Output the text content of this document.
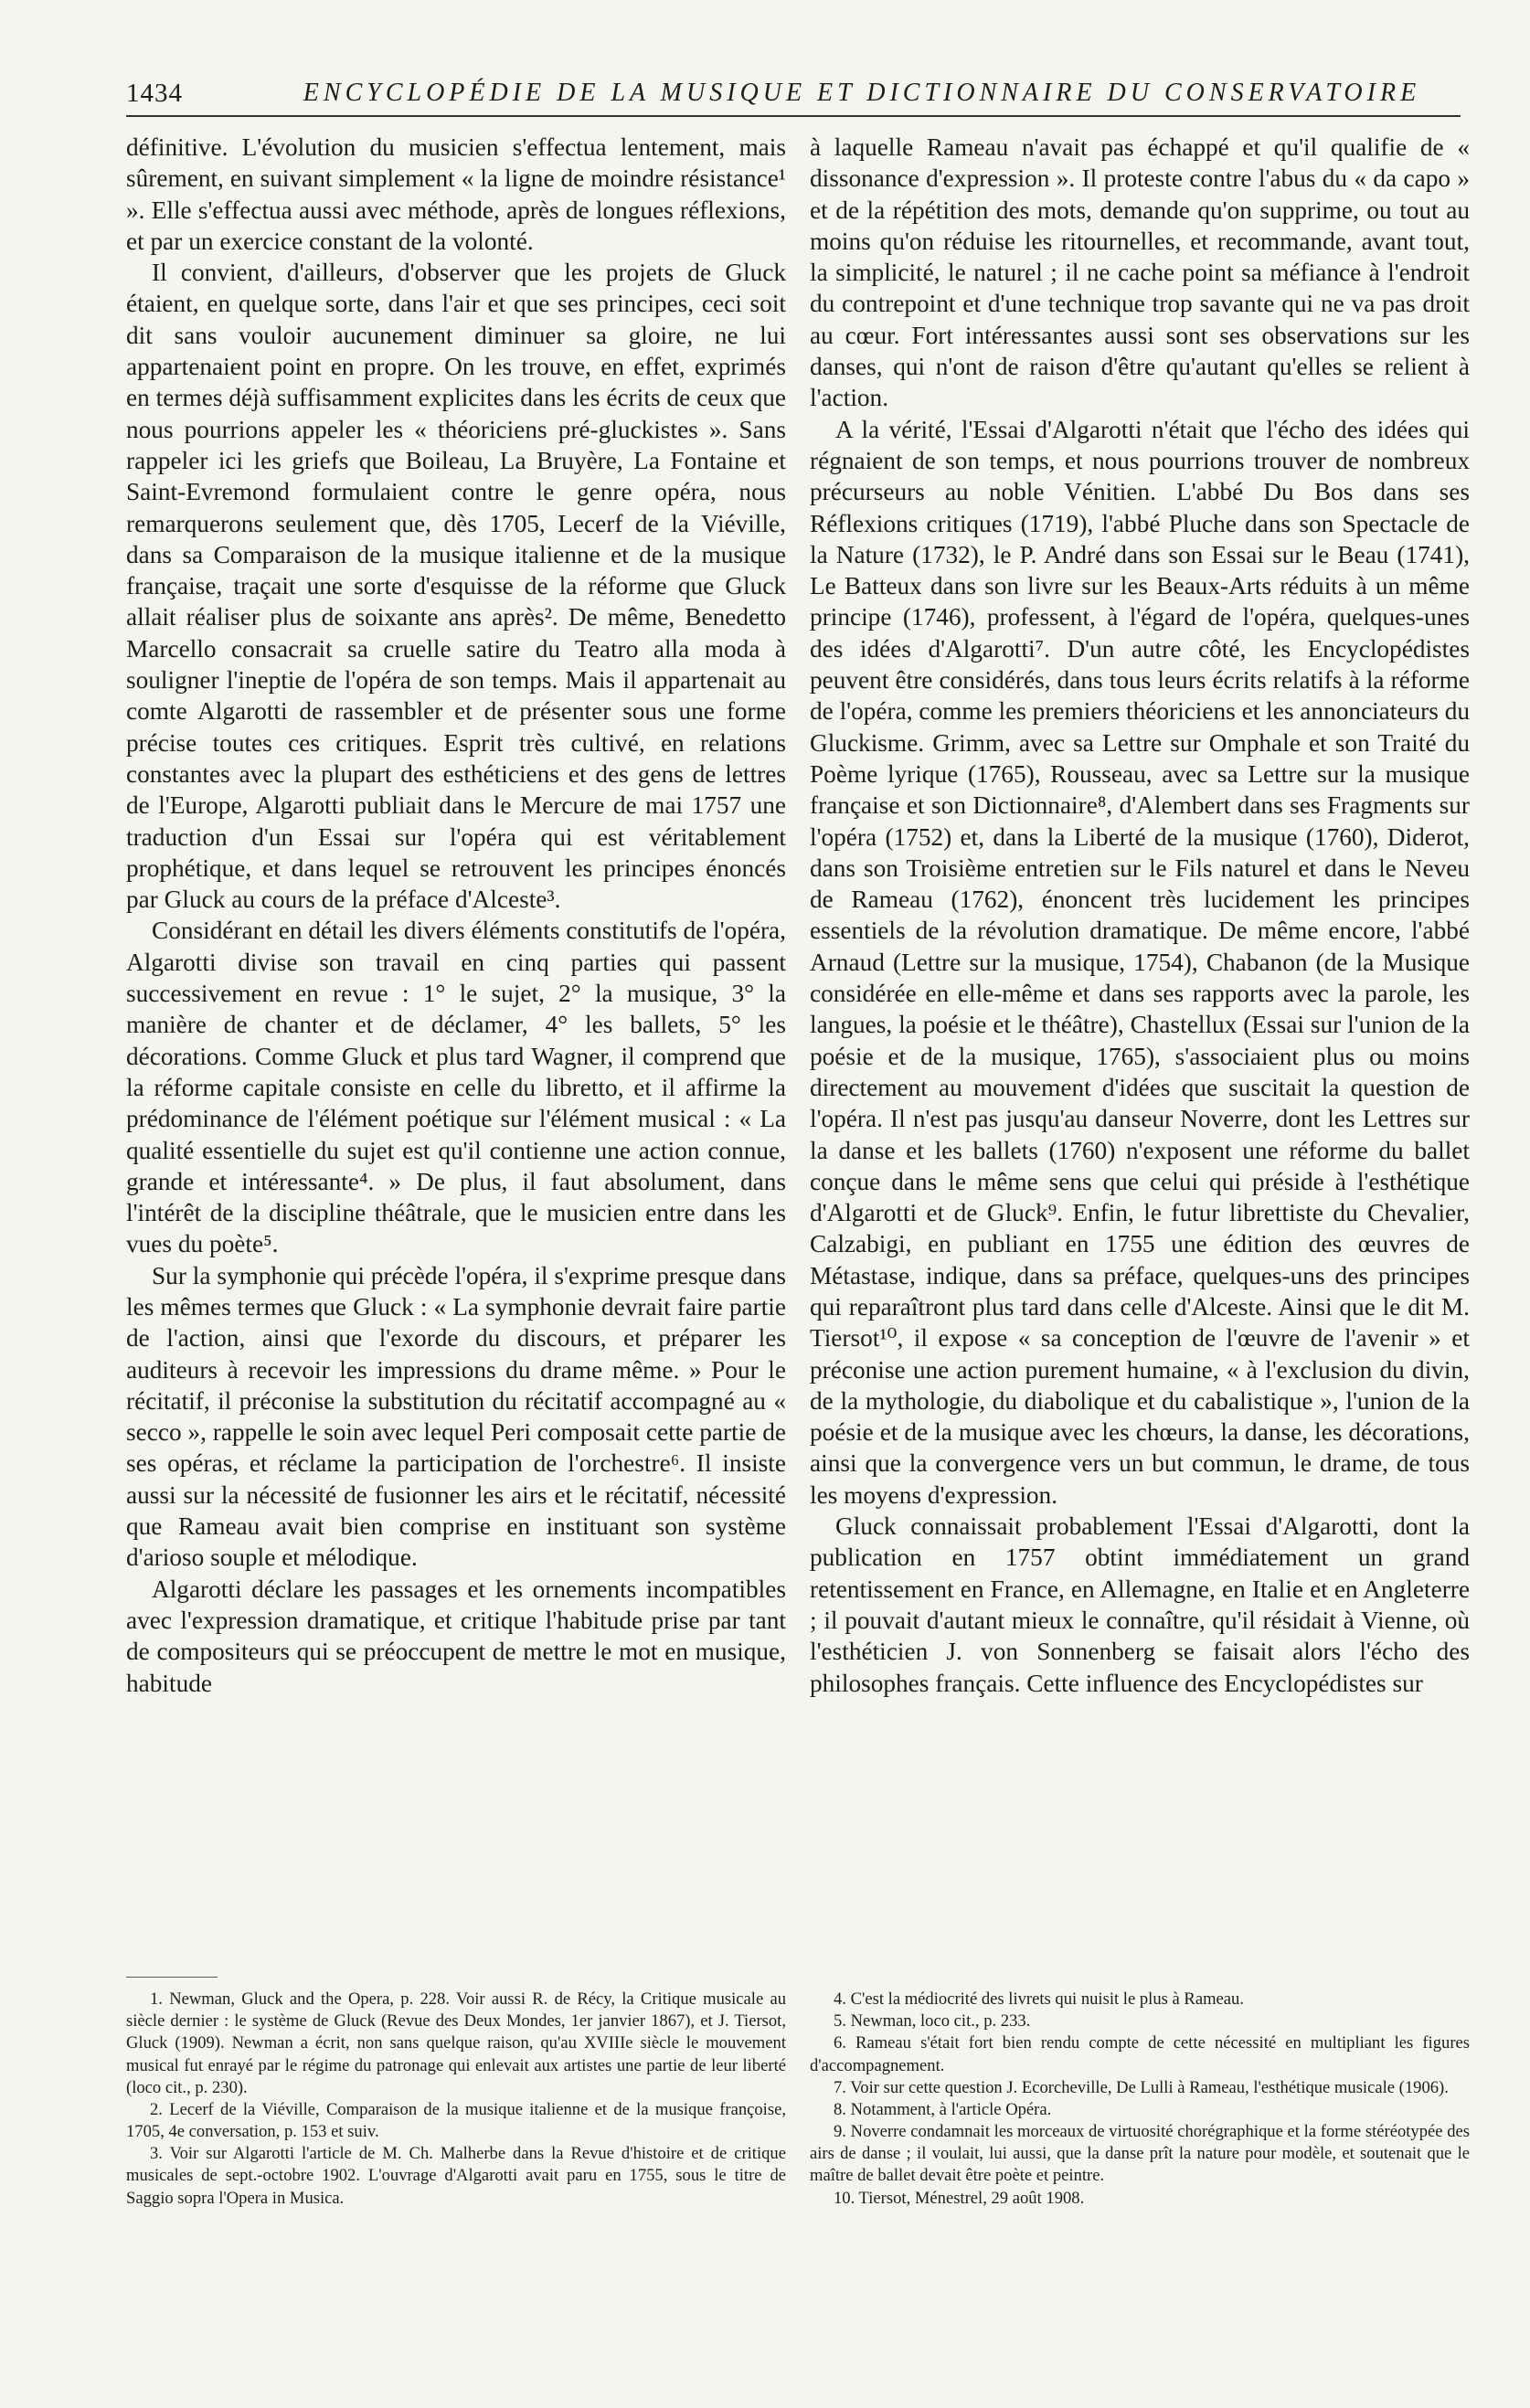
1434	ENCYCLOPÉDIE DE LA MUSIQUE ET DICTIONNAIRE DU CONSERVATOIRE

définitive. L'évolution du musicien s'effectua lentement, mais sûrement, en suivant simplement « la ligne de moindre résistance¹ ». Elle s'effectua aussi avec méthode, après de longues réflexions, et par un exercice constant de la volonté.

Il convient, d'ailleurs, d'observer que les projets de Gluck étaient, en quelque sorte, dans l'air et que ses principes, ceci soit dit sans vouloir aucunement diminuer sa gloire, ne lui appartenaient point en propre. On les trouve, en effet, exprimés en termes déjà suffisamment explicites dans les écrits de ceux que nous pourrions appeler les « théoriciens pré-gluckistes ». Sans rappeler ici les griefs que Boileau, La Bruyère, La Fontaine et Saint-Evremond formulaient contre le genre opéra, nous remarquerons seulement que, dès 1705, Lecerf de la Viéville, dans sa Comparaison de la musique italienne et de la musique française, traçait une sorte d'esquisse de la réforme que Gluck allait réaliser plus de soixante ans après². De même, Benedetto Marcello consacrait sa cruelle satire du Teatro alla moda à souligner l'ineptie de l'opéra de son temps. Mais il appartenait au comte Algarotti de rassembler et de présenter sous une forme précise toutes ces critiques. Esprit très cultivé, en relations constantes avec la plupart des esthéticiens et des gens de lettres de l'Europe, Algarotti publiait dans le Mercure de mai 1757 une traduction d'un Essai sur l'opéra qui est véritablement prophétique, et dans lequel se retrouvent les principes énoncés par Gluck au cours de la préface d'Alceste³.

Considérant en détail les divers éléments constitutifs de l'opéra, Algarotti divise son travail en cinq parties qui passent successivement en revue : 1° le sujet, 2° la musique, 3° la manière de chanter et de déclamer, 4° les ballets, 5° les décorations. Comme Gluck et plus tard Wagner, il comprend que la réforme capitale consiste en celle du libretto, et il affirme la prédominance de l'élément poétique sur l'élément musical : « La qualité essentielle du sujet est qu'il contienne une action connue, grande et intéressante⁴. » De plus, il faut absolument, dans l'intérêt de la discipline théâtrale, que le musicien entre dans les vues du poète⁵.

Sur la symphonie qui précède l'opéra, il s'exprime presque dans les mêmes termes que Gluck : « La symphonie devrait faire partie de l'action, ainsi que l'exorde du discours, et préparer les auditeurs à recevoir les impressions du drame même. » Pour le récitatif, il préconise la substitution du récitatif accompagné au « secco », rappelle le soin avec lequel Peri composait cette partie de ses opéras, et réclame la participation de l'orchestre⁶. Il insiste aussi sur la nécessité de fusionner les airs et le récitatif, nécessité que Rameau avait bien comprise en instituant son système d'arioso souple et mélodique.

Algarotti déclare les passages et les ornements incompatibles avec l'expression dramatique, et critique l'habitude prise par tant de compositeurs qui se préoccupent de mettre le mot en musique, habitude

à laquelle Rameau n'avait pas échappé et qu'il qualifie de « dissonance d'expression ». Il proteste contre l'abus du « da capo » et de la répétition des mots, demande qu'on supprime, ou tout au moins qu'on réduise les ritournelles, et recommande, avant tout, la simplicité, le naturel ; il ne cache point sa méfiance à l'endroit du contrepoint et d'une technique trop savante qui ne va pas droit au cœur. Fort intéressantes aussi sont ses observations sur les danses, qui n'ont de raison d'être qu'autant qu'elles se relient à l'action.

A la vérité, l'Essai d'Algarotti n'était que l'écho des idées qui régnaient de son temps, et nous pourrions trouver de nombreux précurseurs au noble Vénitien. L'abbé Du Bos dans ses Réflexions critiques (1719), l'abbé Pluche dans son Spectacle de la Nature (1732), le P. André dans son Essai sur le Beau (1741), Le Batteux dans son livre sur les Beaux-Arts réduits à un même principe (1746), professent, à l'égard de l'opéra, quelques-unes des idées d'Algarotti⁷. D'un autre côté, les Encyclopédistes peuvent être considérés, dans tous leurs écrits relatifs à la réforme de l'opéra, comme les premiers théoriciens et les annonciateurs du Gluckisme. Grimm, avec sa Lettre sur Omphale et son Traité du Poème lyrique (1765), Rousseau, avec sa Lettre sur la musique française et son Dictionnaire⁸, d'Alembert dans ses Fragments sur l'opéra (1752) et, dans la Liberté de la musique (1760), Diderot, dans son Troisième entretien sur le Fils naturel et dans le Neveu de Rameau (1762), énoncent très lucidement les principes essentiels de la révolution dramatique. De même encore, l'abbé Arnaud (Lettre sur la musique, 1754), Chabanon (de la Musique considérée en elle-même et dans ses rapports avec la parole, les langues, la poésie et le théâtre), Chastellux (Essai sur l'union de la poésie et de la musique, 1765), s'associaient plus ou moins directement au mouvement d'idées que suscitait la question de l'opéra. Il n'est pas jusqu'au danseur Noverre, dont les Lettres sur la danse et les ballets (1760) n'exposent une réforme du ballet conçue dans le même sens que celui qui préside à l'esthétique d'Algarotti et de Gluck⁹. Enfin, le futur librettiste du Chevalier, Calzabigi, en publiant en 1755 une édition des œuvres de Métastase, indique, dans sa préface, quelques-uns des principes qui reparaîtront plus tard dans celle d'Alceste. Ainsi que le dit M. Tiersot¹⁰, il expose « sa conception de l'œuvre de l'avenir » et préconise une action purement humaine, « à l'exclusion du divin, de la mythologie, du diabolique et du cabalistique », l'union de la poésie et de la musique avec les chœurs, la danse, les décorations, ainsi que la convergence vers un but commun, le drame, de tous les moyens d'expression.

Gluck connaissait probablement l'Essai d'Algarotti, dont la publication en 1757 obtint immédiatement un grand retentissement en France, en Allemagne, en Italie et en Angleterre ; il pouvait d'autant mieux le connaître, qu'il résidait à Vienne, où l'esthéticien J. von Sonnenberg se faisait alors l'écho des philosophes français. Cette influence des Encyclopédistes sur

1. Newman, Gluck and the Opera, p. 228. Voir aussi R. de Récy, la Critique musicale au siècle dernier : le système de Gluck (Revue des Deux Mondes, 1er janvier 1867), et J. Tiersot, Gluck (1909). Newman a écrit, non sans quelque raison, qu'au XVIIIe siècle le mouvement musical fut enrayé par le régime du patronage qui enlevait aux artistes une partie de leur liberté (loco cit., p. 230).

2. Lecerf de la Viéville, Comparaison de la musique italienne et de la musique françoise, 1705, 4e conversation, p. 153 et suiv.

3. Voir sur Algarotti l'article de M. Ch. Malherbe dans la Revue d'histoire et de critique musicales de sept.-octobre 1902. L'ouvrage d'Algarotti avait paru en 1755, sous le titre de Saggio sopra l'Opera in Musica.

4. C'est la médiocrité des livrets qui nuisit le plus à Rameau.

5. Newman, loco cit., p. 233.

6. Rameau s'était fort bien rendu compte de cette nécessité en multipliant les figures d'accompagnement.

7. Voir sur cette question J. Ecorcheville, De Lulli à Rameau, l'esthétique musicale (1906).

8. Notamment, à l'article Opéra.

9. Noverre condamnait les morceaux de virtuosité chorégraphique et la forme stéréotypée des airs de danse ; il voulait, lui aussi, que la danse prît la nature pour modèle, et soutenait que le maître de ballet devait être poète et peintre.

10. Tiersot, Ménestrel, 29 août 1908.
